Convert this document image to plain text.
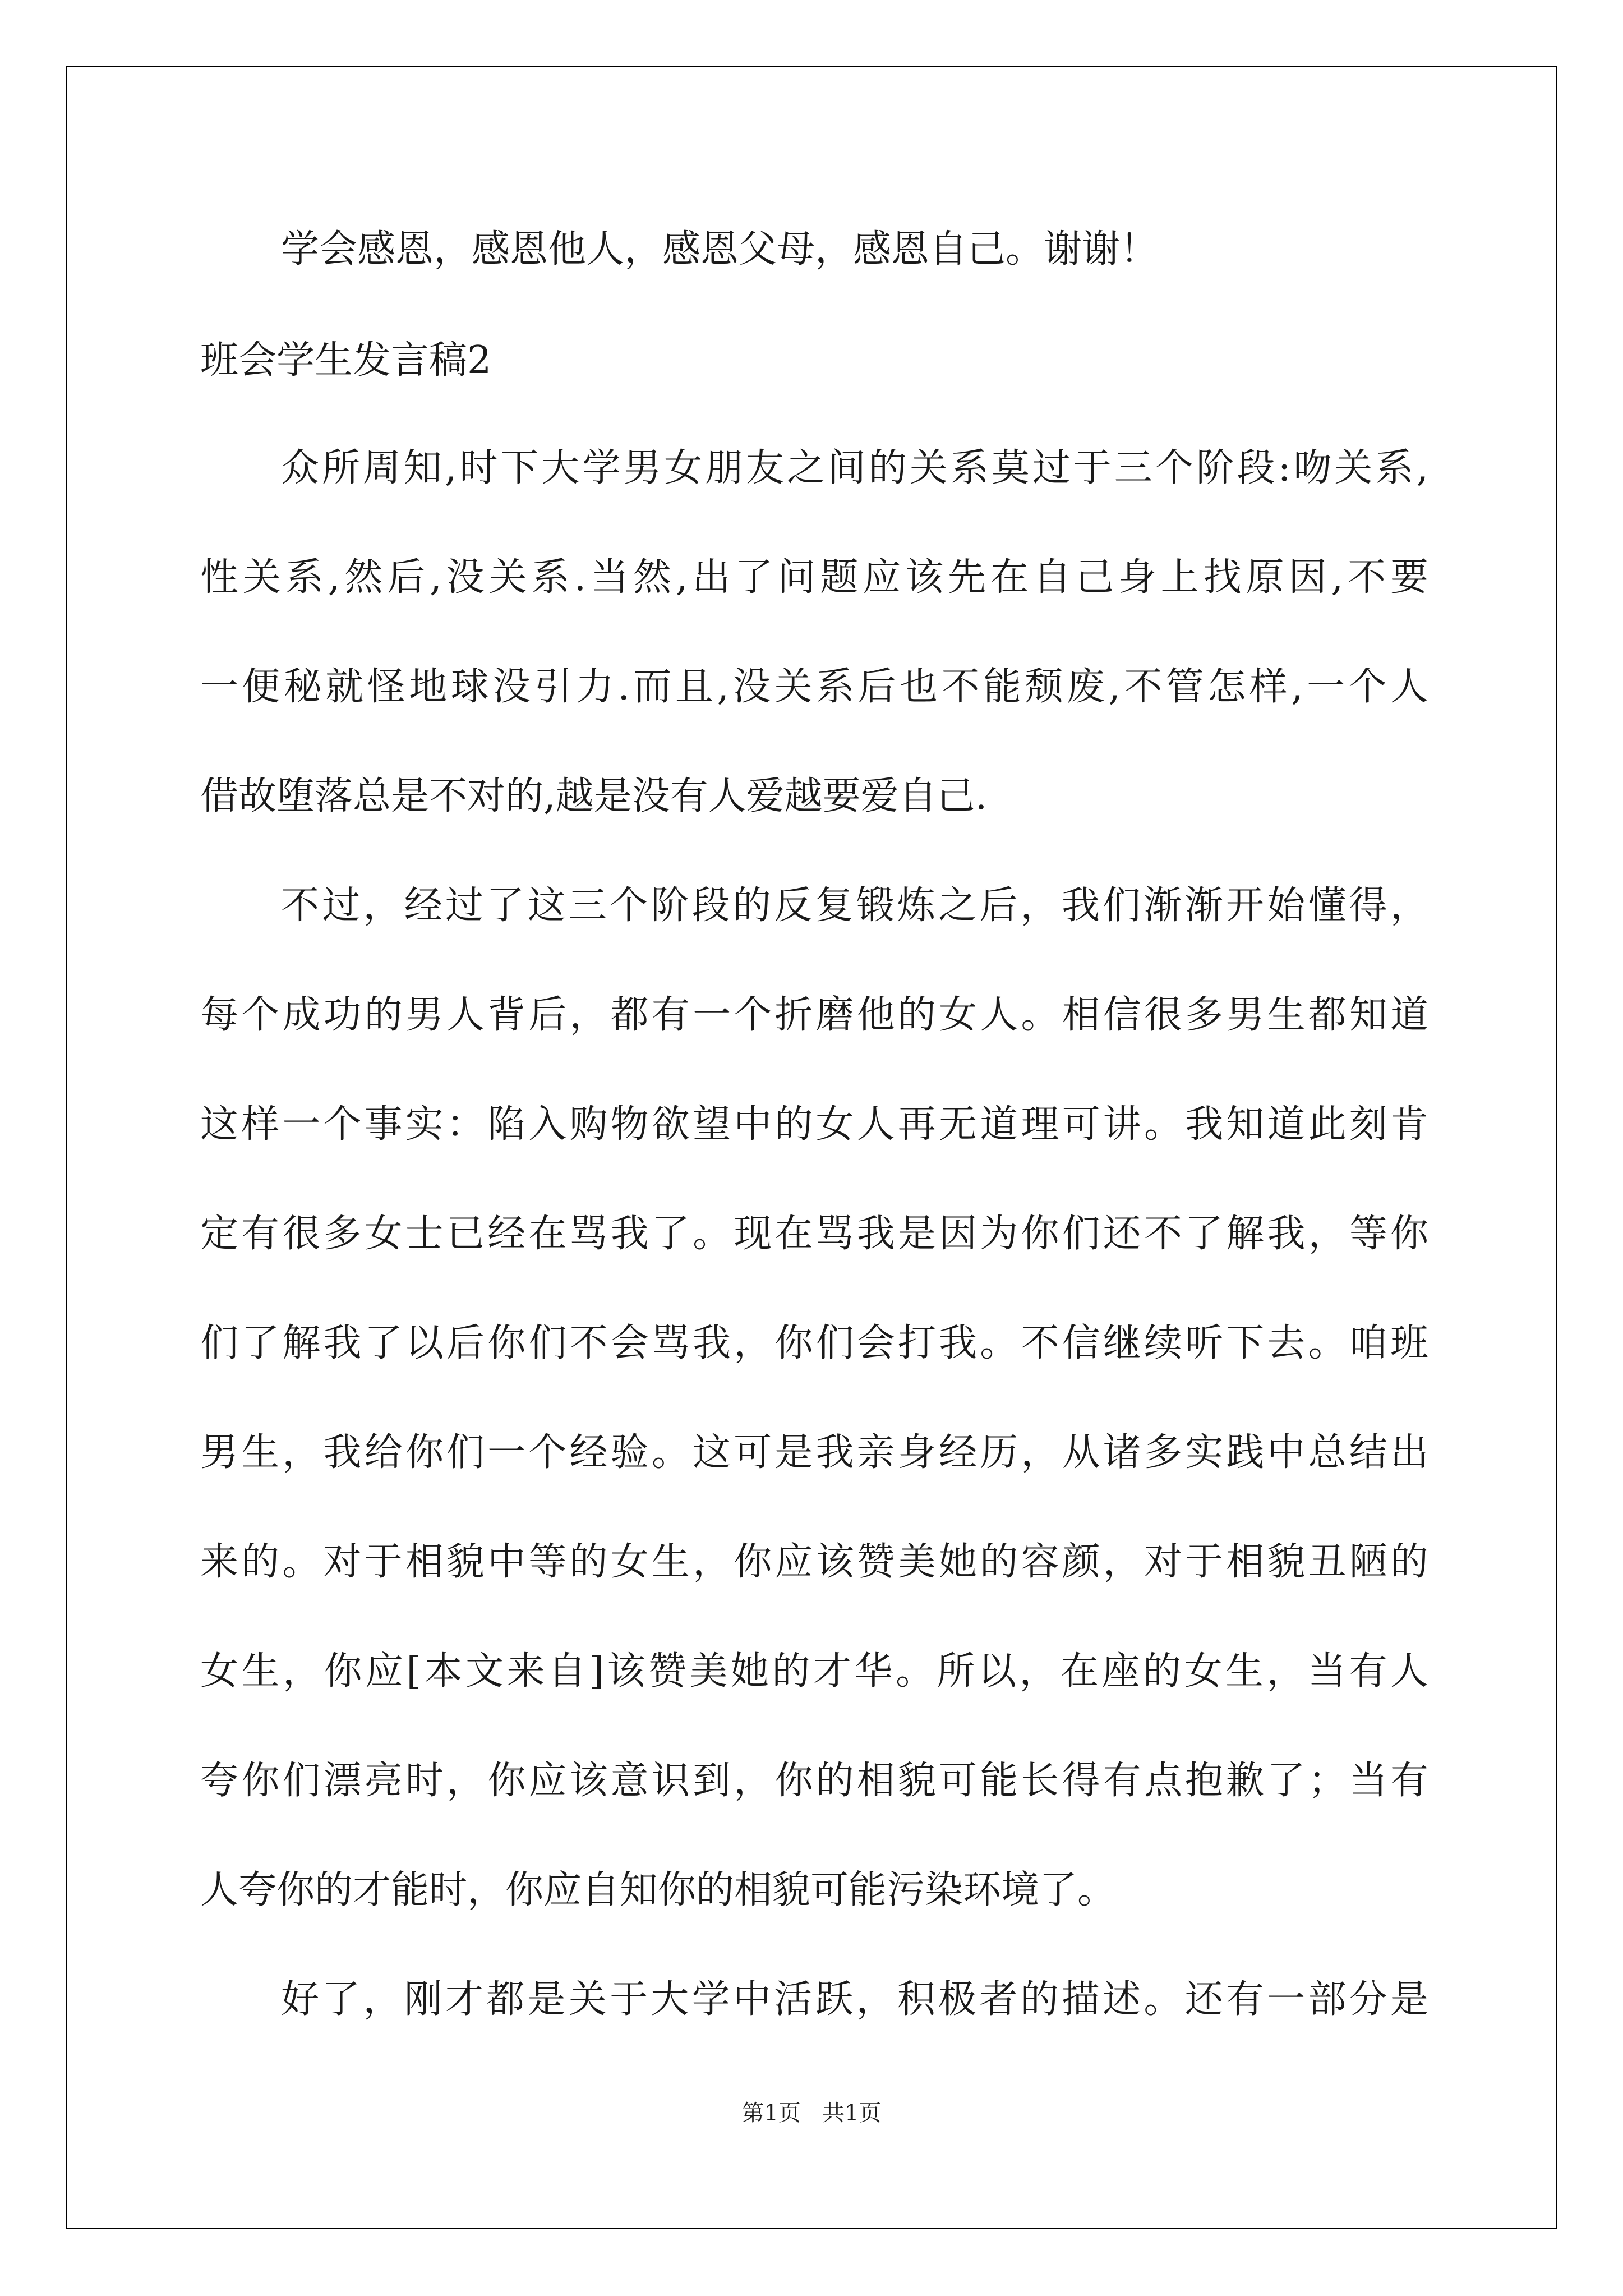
学会感恩，感恩他人，感恩父母，感恩自己。谢谢！
班会学生发言稿2
众所周知,时下大学男女朋友之间的关系莫过于三个阶段:吻关系,
性关系,然后,没关系.当然,出了问题应该先在自己身上找原因,不要
一便秘就怪地球没引力.而且,没关系后也不能颓废,不管怎样,一个人
借故堕落总是不对的,越是没有人爱越要爱自己.
不过，经过了这三个阶段的反复锻炼之后，我们渐渐开始懂得，
每个成功的男人背后，都有一个折磨他的女人。相信很多男生都知道
这样一个事实：陷入购物欲望中的女人再无道理可讲。我知道此刻肯
定有很多女士已经在骂我了。现在骂我是因为你们还不了解我，等你
们了解我了以后你们不会骂我，你们会打我。不信继续听下去。咱班
男生，我给你们一个经验。这可是我亲身经历，从诸多实践中总结出
来的。对于相貌中等的女生，你应该赞美她的容颜，对于相貌丑陋的
女生，你应[本文来自]该赞美她的才华。所以，在座的女生，当有人
夸你们漂亮时，你应该意识到，你的相貌可能长得有点抱歉了；当有
人夸你的才能时，你应自知你的相貌可能污染环境了。
好了，刚才都是关于大学中活跃，积极者的描述。还有一部分是
第1页   共1页
